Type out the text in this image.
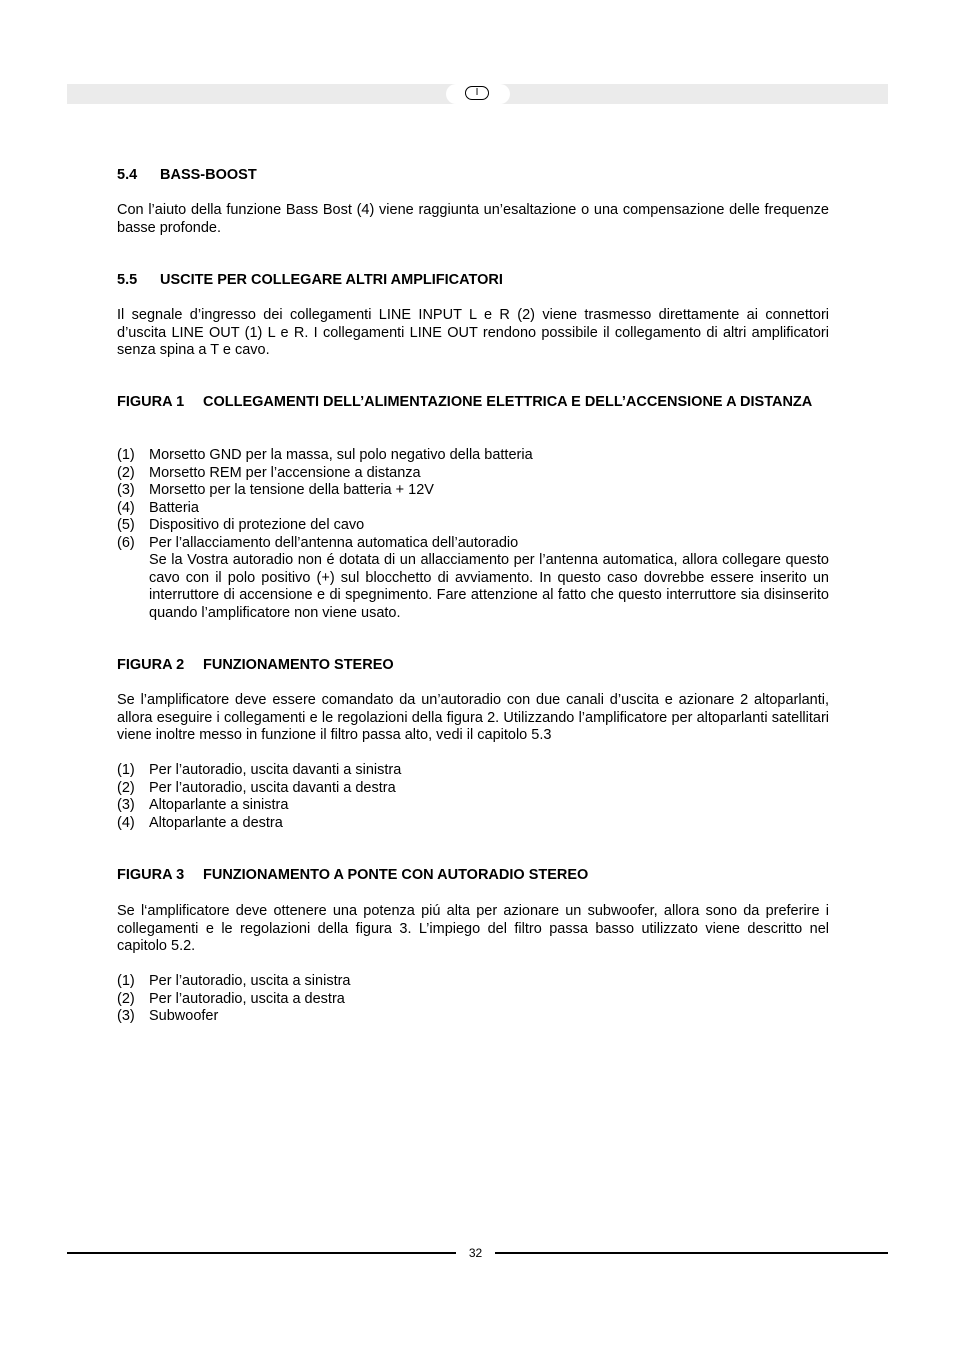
I
5.4	BASS-BOOST

Con l’aiuto della funzione Bass Bost (4) viene raggiunta un’esaltazione o una compensazione delle frequenze basse profonde.

5.5	USCITE PER COLLEGARE ALTRI AMPLIFICATORI

Il segnale d’ingresso dei collegamenti LINE INPUT L e R (2) viene trasmesso direttamente ai connettori d’uscita LINE OUT (1) L e R. I collegamenti LINE OUT rendono possibile il collegamento di altri amplificatori senza spina a T e cavo.

FIGURA 1	COLLEGAMENTI DELL’ALIMENTAZIONE ELETTRICA E DELL’ACCENSIONE A DISTANZA
(1) Morsetto GND per la massa, sul polo negativo della batteria
(2) Morsetto REM per l’accensione a distanza
(3) Morsetto per la tensione della batteria + 12V
(4) Batteria
(5) Dispositivo di protezione del cavo
(6) Per l’allacciamento dell’antenna automatica dell’autoradio
Se la Vostra autoradio non é dotata di un allacciamento per l’antenna automatica, allora collegare questo cavo con il polo positivo (+) sul blocchetto di avviamento. In questo caso dovrebbe essere inserito un interruttore di accensione e di spegnimento. Fare attenzione al fatto che questo interruttore sia disinserito quando l’amplificatore non viene usato.
FIGURA 2	FUNZIONAMENTO STEREO

Se l’amplificatore deve essere comandato da un’autoradio con due canali d’uscita e azionare 2 altoparlanti, allora eseguire i collegamenti e le regolazioni della figura 2. Utilizzando l’amplificatore per altoparlanti satellitari viene inoltre messo in funzione il filtro passa alto, vedi il capitolo 5.3

(1) Per l’autoradio, uscita davanti a sinistra
(2) Per l’autoradio, uscita davanti a destra
(3) Altoparlante a sinistra
(4) Altoparlante a destra
FIGURA 3	FUNZIONAMENTO A PONTE CON AUTORADIO STEREO

Se l‘amplificatore deve ottenere una potenza piú alta per azionare un subwoofer, allora sono da preferire i collegamenti e le regolazioni della figura 3. L’impiego del filtro passa basso utilizzato viene descritto nel capitolo 5.2.

(1) Per l’autoradio, uscita a sinistra
(2) Per l’autoradio, uscita a destra
(3) Subwoofer
32
